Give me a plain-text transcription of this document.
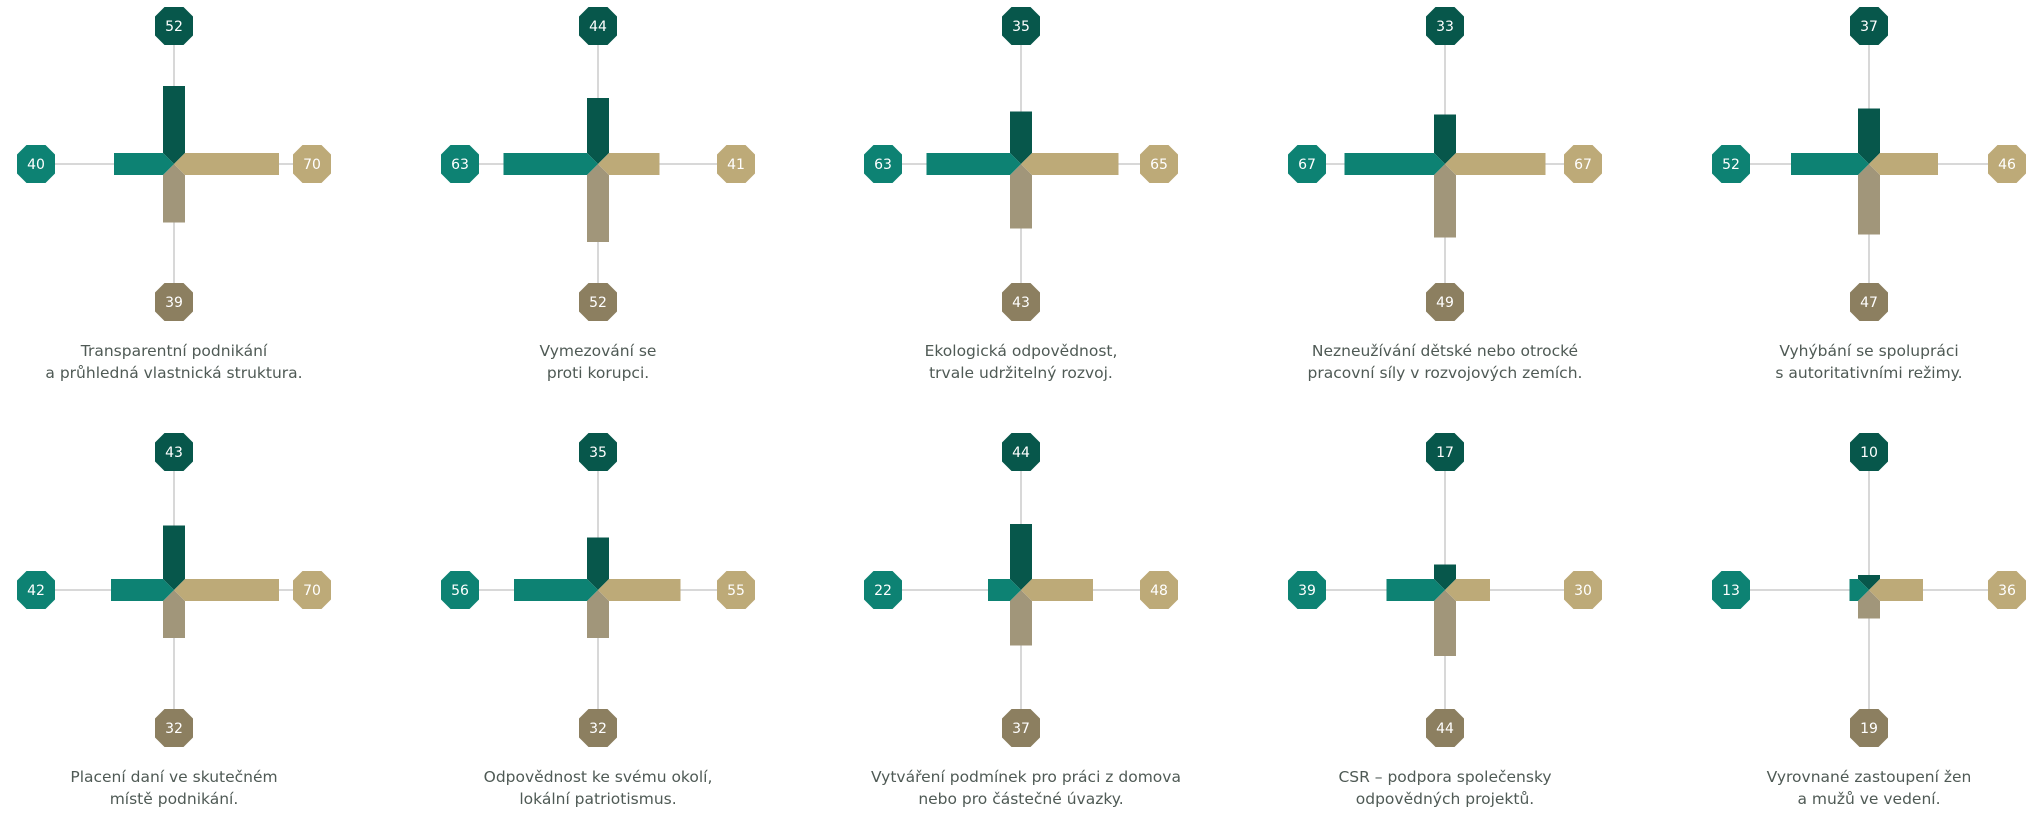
52
39
40	70
Transparentní podnikání
a průhledná vlastnická struktura.
44
52
63	41
Vymezování se
proti korupci.
35
43
63	65
Ekologická odpovědnost,
trvale udržitelný rozvoj.
33
49
67	67
Nezneužívání dětské nebo otrocké
pracovní síly v rozvojových zemích.
37
47
52	46
Vyhýbání se spolupráci
s autoritativními režimy.
43
32
42	70
Placení daní ve skutečném
místě podnikání.
35
32
56	55
Odpovědnost ke svému okolí,
lokální patriotismus.
44
37
22	48
Vytváření podmínek pro práci z domova
nebo pro částečné úvazky.
17
44
39	30
CSR – podpora společensky
odpovědných projektů.
10
19
13	36
Vyrovnané zastoupení žen
a mužů ve vedení.
